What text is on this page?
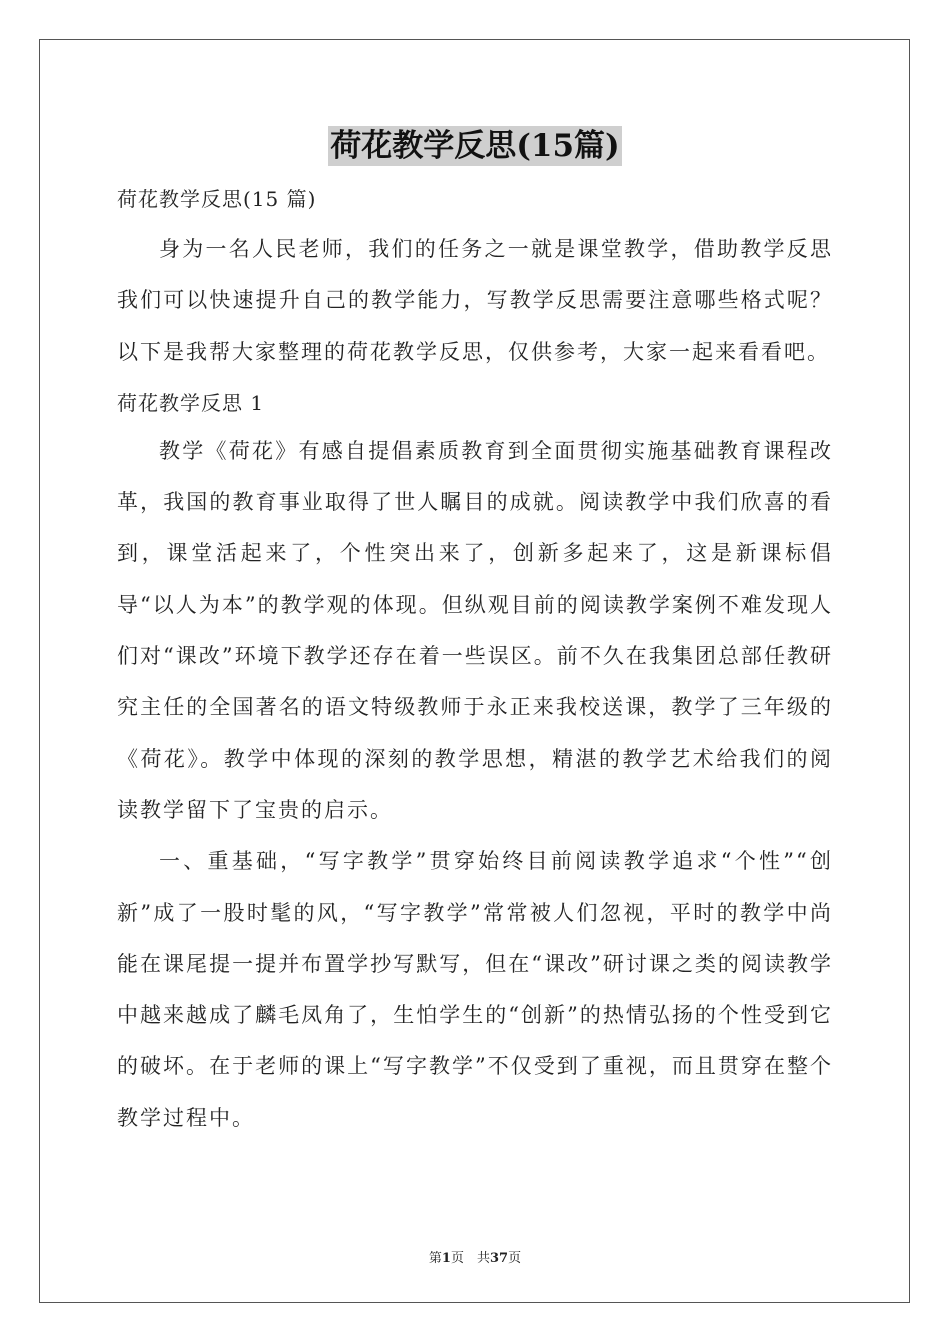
荷花教学反思(15篇)

荷花教学反思(15 篇)

身为一名人民老师，我们的任务之一就是课堂教学，借助教学反思我们可以快速提升自己的教学能力，写教学反思需要注意哪些格式呢？以下是我帮大家整理的荷花教学反思，仅供参考，大家一起来看看吧。

荷花教学反思 1

教学《荷花》有感自提倡素质教育到全面贯彻实施基础教育课程改革，我国的教育事业取得了世人瞩目的成就。阅读教学中我们欣喜的看到，课堂活起来了，个性突出来了，创新多起来了，这是新课标倡导“以人为本”的教学观的体现。但纵观目前的阅读教学案例不难发现人们对“课改”环境下教学还存在着一些误区。前不久在我集团总部任教研究主任的全国著名的语文特级教师于永正来我校送课，教学了三年级的《荷花》。教学中体现的深刻的教学思想，精湛的教学艺术给我们的阅读教学留下了宝贵的启示。

一、重基础，“写字教学”贯穿始终目前阅读教学追求“个性”“创新”成了一股时髦的风，“写字教学”常常被人们忽视，平时的教学中尚能在课尾提一提并布置学抄写默写，但在“课改”研讨课之类的阅读教学中越来越成了麟毛凤角了，生怕学生的“创新”的热情弘扬的个性受到它的破坏。在于老师的课上“写字教学”不仅受到了重视，而且贯穿在整个教学过程中。

第1页　共37页
